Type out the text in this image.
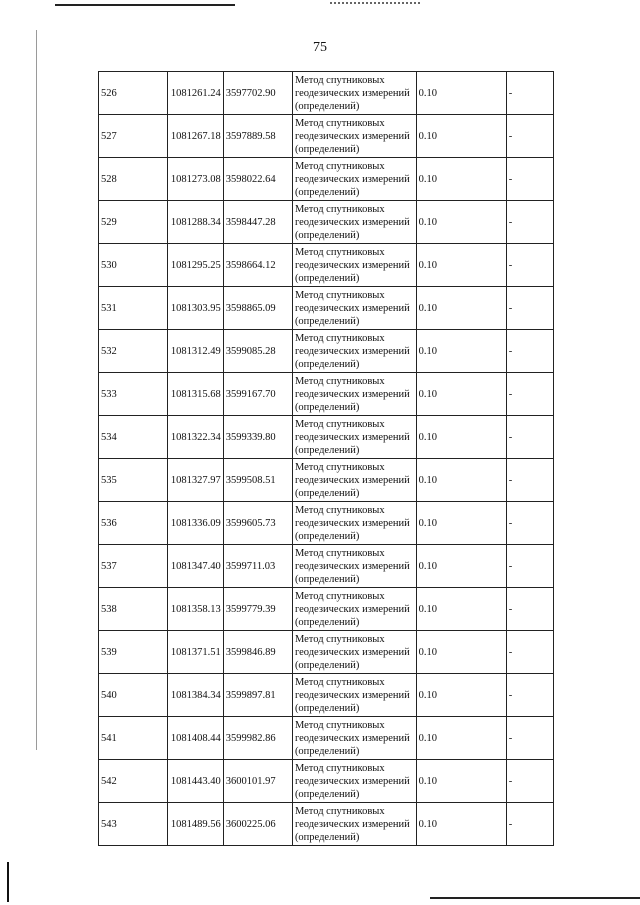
75
526	1081261.24	3597702.90	Метод спутниковых геодезических измерений (определений)	0.10	-
527	1081267.18	3597889.58	Метод спутниковых геодезических измерений (определений)	0.10	-
528	1081273.08	3598022.64	Метод спутниковых геодезических измерений (определений)	0.10	-
529	1081288.34	3598447.28	Метод спутниковых геодезических измерений (определений)	0.10	-
530	1081295.25	3598664.12	Метод спутниковых геодезических измерений (определений)	0.10	-
531	1081303.95	3598865.09	Метод спутниковых геодезических измерений (определений)	0.10	-
532	1081312.49	3599085.28	Метод спутниковых геодезических измерений (определений)	0.10	-
533	1081315.68	3599167.70	Метод спутниковых геодезических измерений (определений)	0.10	-
534	1081322.34	3599339.80	Метод спутниковых геодезических измерений (определений)	0.10	-
535	1081327.97	3599508.51	Метод спутниковых геодезических измерений (определений)	0.10	-
536	1081336.09	3599605.73	Метод спутниковых геодезических измерений (определений)	0.10	-
537	1081347.40	3599711.03	Метод спутниковых геодезических измерений (определений)	0.10	-
538	1081358.13	3599779.39	Метод спутниковых геодезических измерений (определений)	0.10	-
539	1081371.51	3599846.89	Метод спутниковых геодезических измерений (определений)	0.10	-
540	1081384.34	3599897.81	Метод спутниковых геодезических измерений (определений)	0.10	-
541	1081408.44	3599982.86	Метод спутниковых геодезических измерений (определений)	0.10	-
542	1081443.40	3600101.97	Метод спутниковых геодезических измерений (определений)	0.10	-
543	1081489.56	3600225.06	Метод спутниковых геодезических измерений (определений)	0.10	-
